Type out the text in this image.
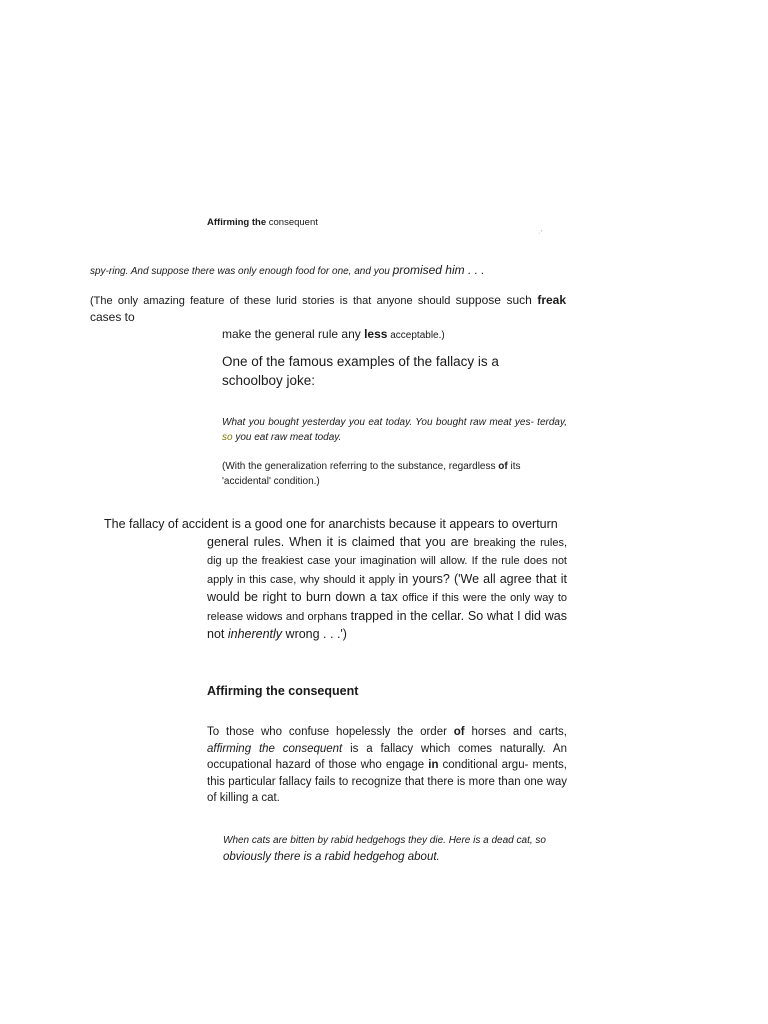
Affirming the consequent
·’
spy-ring. And suppose there was only enough food for one, and you promised him . . .
(The only amazing feature of these lurid stories is that anyone should suppose such freak cases to
make the general rule any less acceptable.)
One of the famous examples of the fallacy is a schoolboy joke:
What you bought yesterday you eat today. You bought raw meat yes- terday, so you eat raw meat today.
(With the generalization referring to the substance, regardless of its 'accidental' condition.)
The fallacy of accident is a good one for anarchists because it appears to overturn
general rules. When it is claimed that you are breaking the rules, dig up the freakiest case your imagination will allow. If the rule does not apply in this case, why should it apply in yours? ('We all agree that it would be right to burn down a tax office if this were the only way to release widows and orphans trapped in the cellar. So what I did was not inherently wrong . . .')
Affirming the consequent
To those who confuse hopelessly the order of horses and carts, affirming the consequent is a fallacy which comes naturally. An occupational hazard of those who engage in conditional argu- ments, this particular fallacy fails to recognize that there is more than one way of killing a cat.
When cats are bitten by rabid hedgehogs they die. Here is a dead cat, so obviously there is a rabid hedgehog about.
